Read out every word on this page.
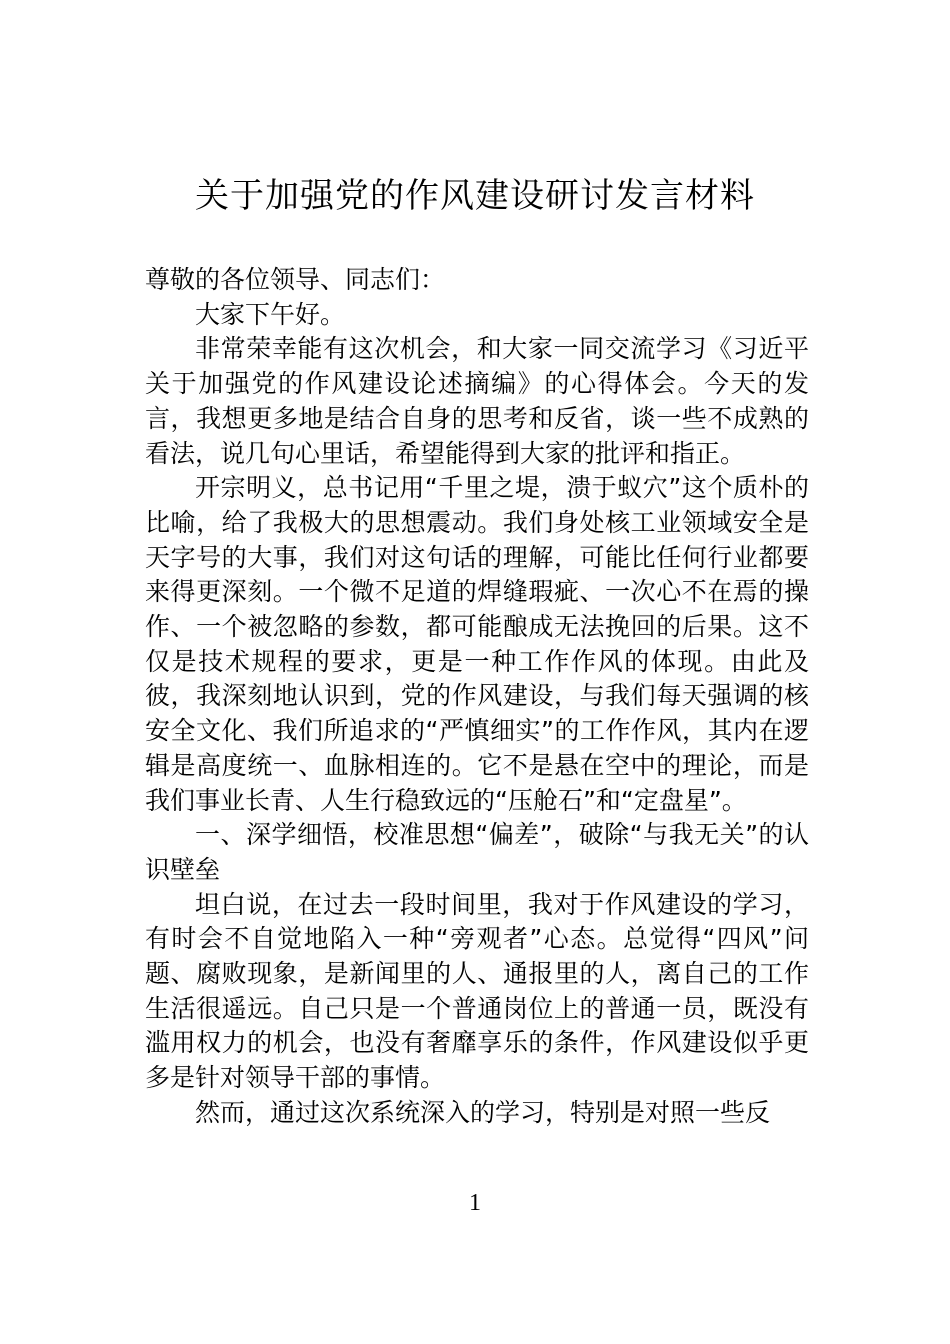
关于加强党的作风建设研讨发言材料

尊敬的各位领导、同志们：

大家下午好。

非常荣幸能有这次机会，和大家一同交流学习《习近平关于加强党的作风建设论述摘编》的心得体会。今天的发言，我想更多地是结合自身的思考和反省，谈一些不成熟的看法，说几句心里话，希望能得到大家的批评和指正。

开宗明义，总书记用“千里之堤，溃于蚁穴”这个质朴的比喻，给了我极大的思想震动。我们身处核工业领域安全是天字号的大事，我们对这句话的理解，可能比任何行业都要来得更深刻。一个微不足道的焊缝瑕疵、一次心不在焉的操作、一个被忽略的参数，都可能酿成无法挽回的后果。这不仅是技术规程的要求，更是一种工作作风的体现。由此及彼，我深刻地认识到，党的作风建设，与我们每天强调的核安全文化、我们所追求的“严慎细实”的工作作风，其内在逻辑是高度统一、血脉相连的。它不是悬在空中的理论，而是我们事业长青、人生行稳致远的“压舱石”和“定盘星”。

一、深学细悟，校准思想“偏差”，破除“与我无关”的认识壁垒

坦白说，在过去一段时间里，我对于作风建设的学习，有时会不自觉地陷入一种“旁观者”心态。总觉得“四风”问题、腐败现象，是新闻里的人、通报里的人，离自己的工作生活很遥远。自己只是一个普通岗位上的普通一员，既没有滥用权力的机会，也没有奢靡享乐的条件，作风建设似乎更多是针对领导干部的事情。

然而，通过这次系统深入的学习，特别是对照一些反

1
